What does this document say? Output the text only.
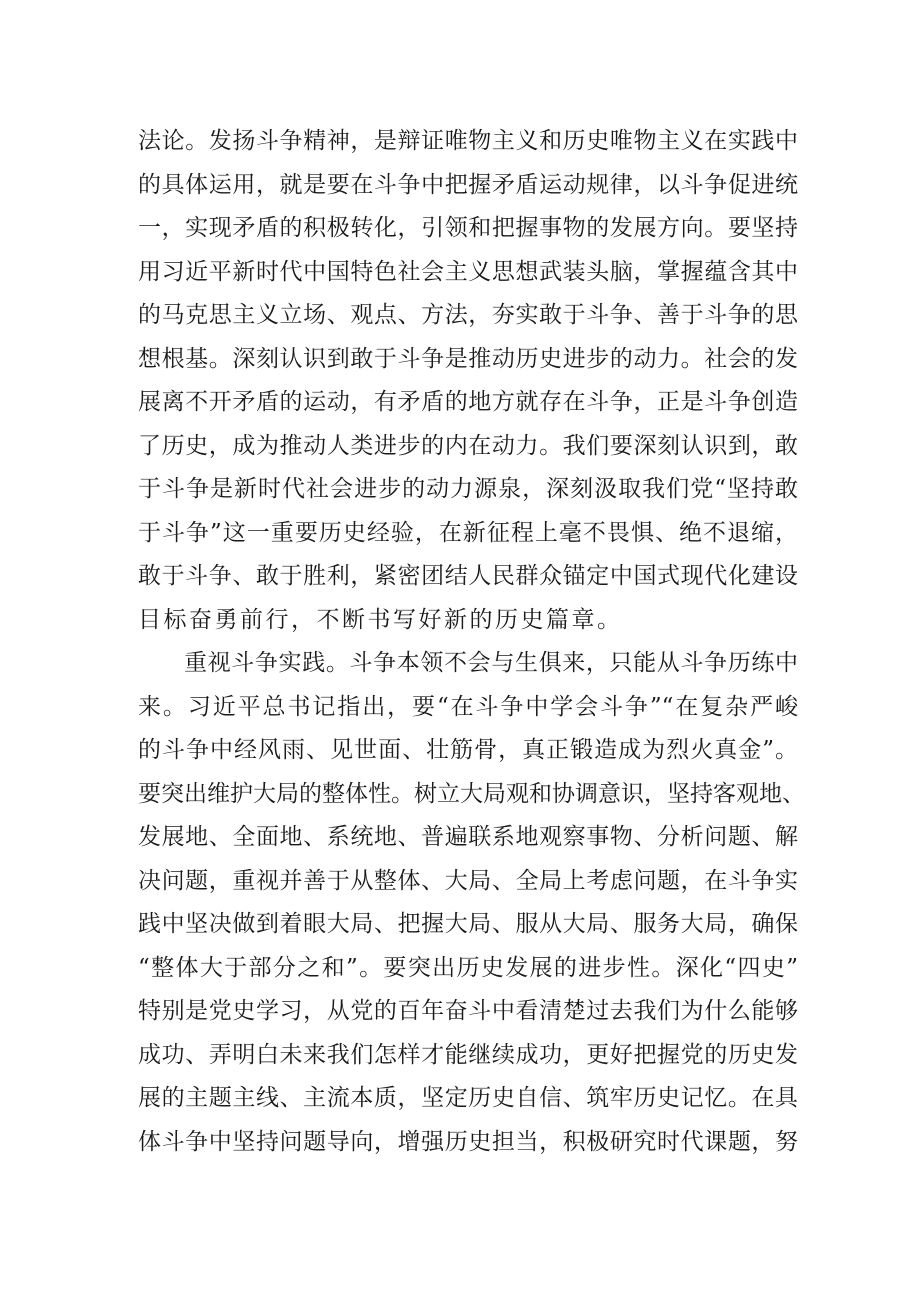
法论。发扬斗争精神，是辩证唯物主义和历史唯物主义在实践中
的具体运用，就是要在斗争中把握矛盾运动规律，以斗争促进统
一，实现矛盾的积极转化，引领和把握事物的发展方向。要坚持
用习近平新时代中国特色社会主义思想武装头脑，掌握蕴含其中
的马克思主义立场、观点、方法，夯实敢于斗争、善于斗争的思
想根基。深刻认识到敢于斗争是推动历史进步的动力。社会的发
展离不开矛盾的运动，有矛盾的地方就存在斗争，正是斗争创造
了历史，成为推动人类进步的内在动力。我们要深刻认识到，敢
于斗争是新时代社会进步的动力源泉，深刻汲取我们党“坚持敢
于斗争”这一重要历史经验，在新征程上毫不畏惧、绝不退缩，
敢于斗争、敢于胜利，紧密团结人民群众锚定中国式现代化建设
目标奋勇前行，不断书写好新的历史篇章。
重视斗争实践。斗争本领不会与生俱来，只能从斗争历练中
来。习近平总书记指出，要“在斗争中学会斗争”“在复杂严峻
的斗争中经风雨、见世面、壮筋骨，真正锻造成为烈火真金”。
要突出维护大局的整体性。树立大局观和协调意识，坚持客观地、
发展地、全面地、系统地、普遍联系地观察事物、分析问题、解
决问题，重视并善于从整体、大局、全局上考虑问题，在斗争实
践中坚决做到着眼大局、把握大局、服从大局、服务大局，确保
“整体大于部分之和”。要突出历史发展的进步性。深化“四史”
特别是党史学习，从党的百年奋斗中看清楚过去我们为什么能够
成功、弄明白未来我们怎样才能继续成功，更好把握党的历史发
展的主题主线、主流本质，坚定历史自信、筑牢历史记忆。在具
体斗争中坚持问题导向，增强历史担当，积极研究时代课题，努
